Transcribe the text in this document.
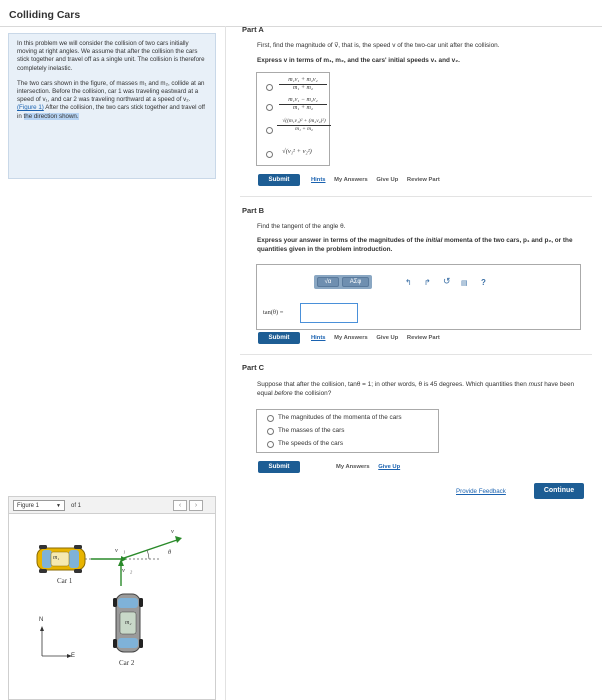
Colliding Cars

In this problem we will consider the collision of two cars initially moving at right angles. We assume that after the collision the cars stick together and travel off as a single unit. The collision is therefore completely inelastic.

The two cars shown in the figure, of masses m₁ and m₂, collide at an intersection. Before the collision, car 1 was traveling eastward at a speed of v₁, and car 2 was traveling northward at a speed of v₂. (Figure 1) After the collision, the two cars stick together and travel off in the direction shown.

Part A
First, find the magnitude of v⃗, that is, the speed v of the two-car unit after the collision.
Express v in terms of m₁, m₂, and the cars' initial speeds v₁ and v₂.
$\frac{\text{m₁v₁ + m₂v₂}}{\text{m₁ + m₂}}$
$\frac{\text{m₁v₁ − m₂v₂}}{\text{m₁ + m₂}}$
$\frac{\text{√((m₁v₁)² + (m₂v₂)²)}}{\text{m₁ + m₂}}$
√(v₁² + v₂²)
Submit	Hints My Answers Give Up Review Part
Part B
Find the tangent of the angle θ.
Express your answer in terms of the magnitudes of the initial momenta of the two cars, p₁ and p₂, or the quantities given in the problem introduction.
√α	AΣφ	↰ ↱ ↺ ▤ ?
tan(θ) =
Submit	Hints My Answers Give Up Review Part
Part C
Suppose that after the collision, tanθ = 1; in other words, θ is 45 degrees. Which quantities then must have been equal before the collision?
The magnitudes of the momenta of the cars
The masses of the cars
The speeds of the cars
Submit	My Answers Give Up
Provide Feedback	Continue
Figure 1	▼ of 1	‹	›
m₁
m₂
Car 1
Car 2
v⃗₁
v⃗₂
v⃗
θ
N
E
